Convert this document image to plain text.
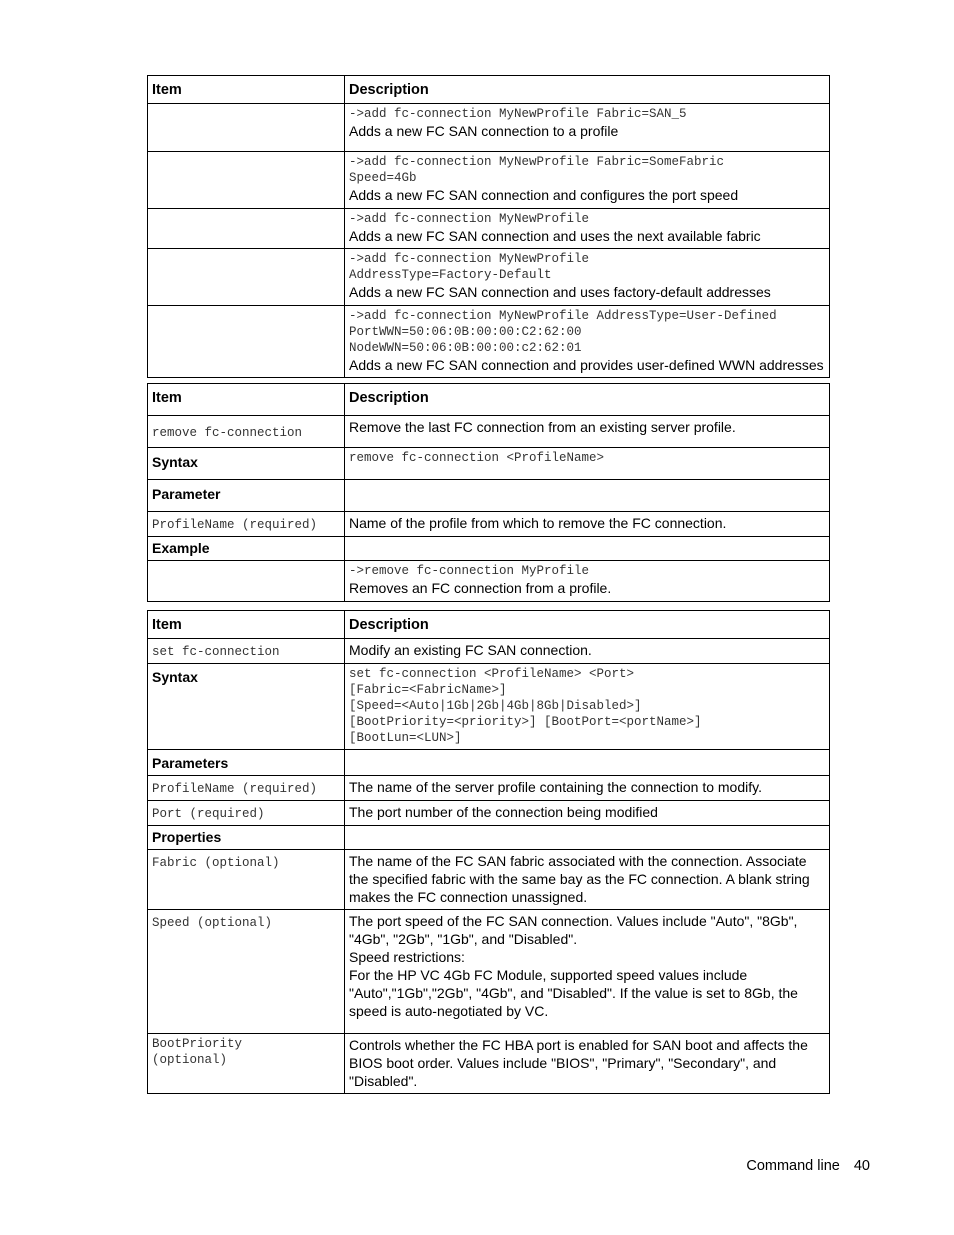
Item	Description

	->add fc-connection MyNewProfile Fabric=SAN_5
Adds a new FC SAN connection to a profile

	->add fc-connection MyNewProfile Fabric=SomeFabric
Speed=4Gb
Adds a new FC SAN connection and configures the port speed

	->add fc-connection MyNewProfile
Adds a new FC SAN connection and uses the next available fabric

	->add fc-connection MyNewProfile
AddressType=Factory-Default
Adds a new FC SAN connection and uses factory-default addresses

	->add fc-connection MyNewProfile AddressType=User-Defined
PortWWN=50:06:0B:00:00:C2:62:00
NodeWWN=50:06:0B:00:00:c2:62:01
Adds a new FC SAN connection and provides user-defined WWN addresses
Item	Description
remove fc-connection	Remove the last FC connection from an existing server profile.
Syntax	remove fc-connection <ProfileName>

Parameter	
ProfileName (required)	Name of the profile from which to remove the FC connection.
Example	

	->remove fc-connection MyProfile
Removes an FC connection from a profile.
Item	Description
set fc-connection	Modify an existing FC SAN connection.
Syntax	set fc-connection <ProfileName> <Port>
[Fabric=<FabricName>]
[Speed=<Auto|1Gb|2Gb|4Gb|8Gb|Disabled>]
[BootPriority=<priority>] [BootPort=<portName>]
[BootLun=<LUN>]

Parameters	
ProfileName (required)	The name of the server profile containing the connection to modify.
Port (required)	The port number of the connection being modified
Properties	
Fabric (optional)	The name of the FC SAN fabric associated with the connection. Associate the specified fabric with the same bay as the FC connection. A blank string makes the FC connection unassigned.
Speed (optional)	The port speed of the FC SAN connection. Values include "Auto", "8Gb", "4Gb", "2Gb", "1Gb", and "Disabled".
Speed restrictions:
For the HP VC 4Gb FC Module, supported speed values include "Auto","1Gb","2Gb", "4Gb", and "Disabled". If the value is set to 8Gb, the speed is auto-negotiated by VC.

BootPriority
(optional)	Controls whether the FC HBA port is enabled for SAN boot and affects the BIOS boot order. Values include "BIOS", "Primary", "Secondary", and "Disabled".
Command line 40
